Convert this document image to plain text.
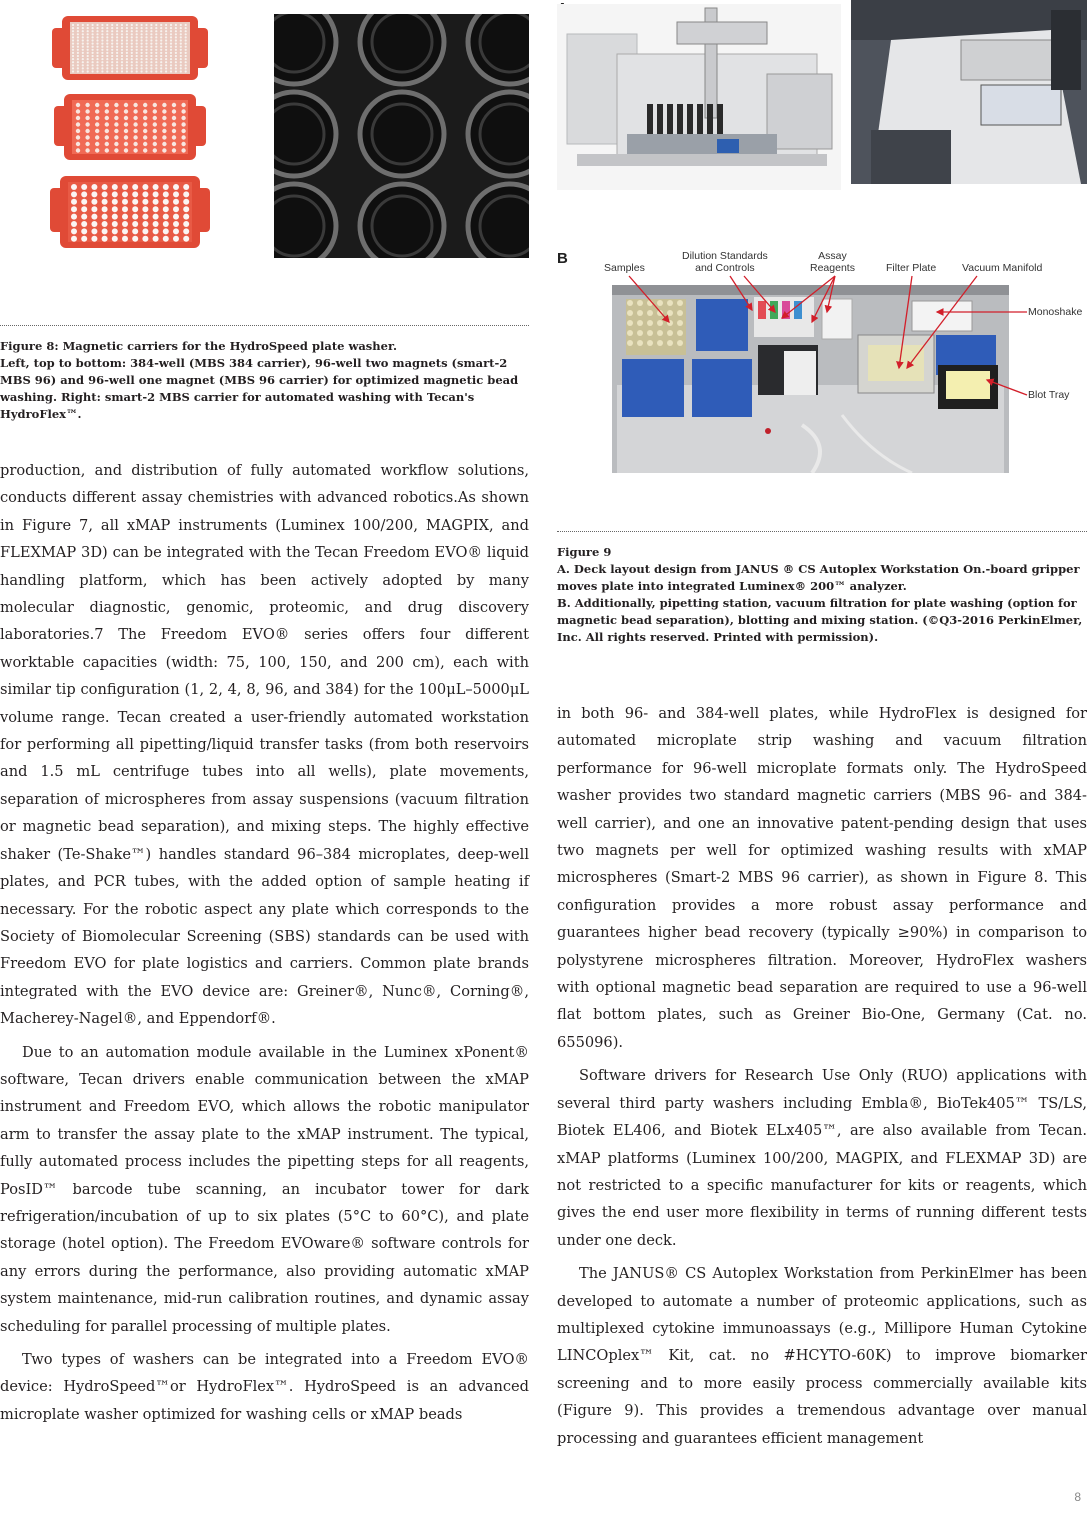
Figure 8: Magnetic carriers for the HydroSpeed plate washer.

Left, top to bottom: 384-well (MBS 384 carrier), 96-well two magnets (smart-2 MBS 96) and 96-well one magnet (MBS 96 carrier) for optimized magnetic bead washing. Right: smart-2 MBS carrier for automated washing with Tecan's HydroFlex™.

B
Samples
Dilution Standards
and Controls
Assay
Reagents	Filter Plate Vacuum Manifold
Monoshake
Blot Tray

Figure 9

A. Deck layout design from JANUS ® CS Autoplex Workstation On.-board gripper moves plate into integrated Luminex® 200™ analyzer.

B. Additionally, pipetting station, vacuum filtration for plate washing (option for magnetic bead separation), blotting and mixing station. (©Q3-2016 PerkinElmer, Inc. All rights reserved. Printed with permission).

production, and distribution of fully automated workflow solutions, conducts different assay chemistries with advanced robotics.As shown in Figure 7, all xMAP instruments (Luminex 100/200, MAGPIX, and FLEXMAP 3D) can be integrated with the Tecan Freedom EVO® liquid handling platform, which has been actively adopted by many molecular diagnostic, genomic, proteomic, and drug discovery laboratories.7 The Freedom EVO® series offers four different worktable capacities (width: 75, 100, 150, and 200 cm), each with similar tip configuration (1, 2, 4, 8, 96, and 384) for the 100μL–5000μL volume range. Tecan created a user-friendly automated workstation for performing all pipetting/liquid transfer tasks (from both reservoirs and 1.5 mL centrifuge tubes into all wells), plate movements, separation of microspheres from assay suspensions (vacuum filtration or magnetic bead separation), and mixing steps. The highly effective shaker (Te-Shake™) handles standard 96–384 microplates, deep-well plates, and PCR tubes, with the added option of sample heating if necessary. For the robotic aspect any plate which corresponds to the Society of Biomolecular Screening (SBS) standards can be used with Freedom EVO for plate logistics and carriers. Common plate brands integrated with the EVO device are: Greiner®, Nunc®, Corning®, Macherey-Nagel®, and Eppendorf®.

Due to an automation module available in the Luminex xPonent® software, Tecan drivers enable communication between the xMAP instrument and Freedom EVO, which allows the robotic manipulator arm to transfer the assay plate to the xMAP instrument. The typical, fully automated process includes the pipetting steps for all reagents, PosID™ barcode tube scanning, an incubator tower for dark refrigeration/incubation of up to six plates (5°C to 60°C), and plate storage (hotel option). The Freedom EVOware® software controls for any errors during the performance, also providing automatic xMAP system maintenance, mid-run calibration routines, and dynamic assay scheduling for parallel processing of multiple plates.

Two types of washers can be integrated into a Freedom EVO® device: HydroSpeed™or HydroFlex™. HydroSpeed is an advanced microplate washer optimized for washing cells or xMAP beads

in both 96- and 384-well plates, while HydroFlex is designed for automated microplate strip washing and vacuum filtration performance for 96-well microplate formats only. The HydroSpeed washer provides two standard magnetic carriers (MBS 96- and 384-well carrier), and one an innovative patent-pending design that uses two magnets per well for optimized washing results with xMAP microspheres (Smart-2 MBS 96 carrier), as shown in Figure 8. This configuration provides a more robust assay performance and guarantees higher bead recovery (typically ≥90%) in comparison to polystyrene microspheres filtration. Moreover, HydroFlex washers with optional magnetic bead separation are required to use a 96-well flat bottom plates, such as Greiner Bio-One, Germany (Cat. no. 655096).

Software drivers for Research Use Only (RUO) applications with several third party washers including Embla®, BioTek405™ TS/LS, Biotek EL406, and Biotek ELx405™, are also available from Tecan. xMAP platforms (Luminex 100/200, MAGPIX, and FLEXMAP 3D) are not restricted to a specific manufacturer for kits or reagents, which gives the end user more flexibility in terms of running different tests under one deck.

The JANUS® CS Autoplex Workstation from PerkinElmer has been developed to automate a number of proteomic applications, such as multiplexed cytokine immunoassays (e.g., Millipore Human Cytokine LINCOplex™ Kit, cat. no #HCYTO-60K) to improve biomarker screening and to more easily process commercially available kits (Figure 9). This provides a tremendous advantage over manual processing and guarantees efficient management

8
